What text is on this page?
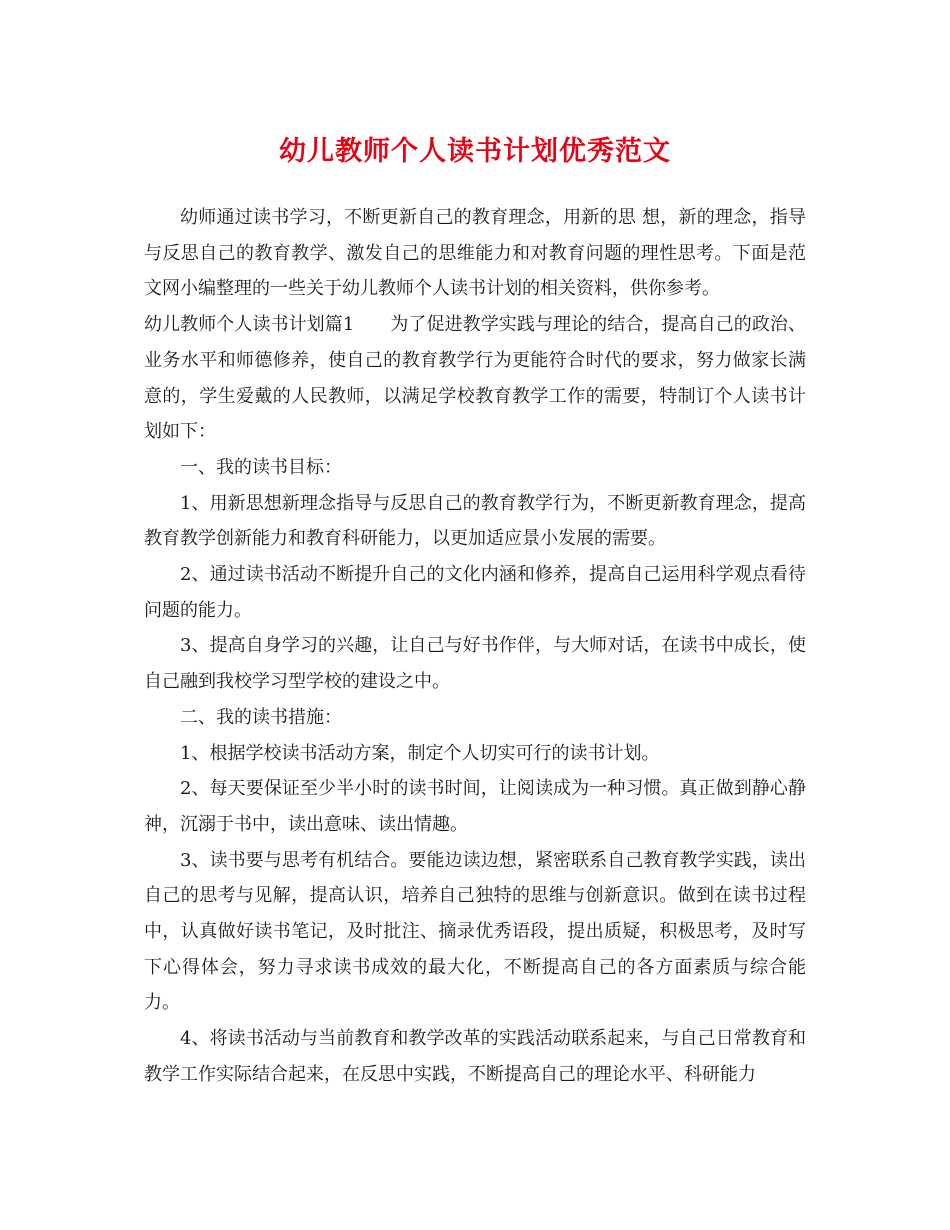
幼儿教师个人读书计划优秀范文

幼师通过读书学习，不断更新自己的教育理念，用新的思 想，新的理念，指导与反思自己的教育教学、激发自己的思维能力和对教育问题的理性思考。下面是范文网小编整理的一些关于幼儿教师个人读书计划的相关资料，供你参考。

幼儿教师个人读书计划篇1 为了促进教学实践与理论的结合，提高自己的政治、业务水平和师德修养，使自己的教育教学行为更能符合时代的要求，努力做家长满意的，学生爱戴的人民教师，以满足学校教育教学工作的需要，特制订个人读书计划如下：

一、我的读书目标：

1、用新思想新理念指导与反思自己的教育教学行为，不断更新教育理念，提高教育教学创新能力和教育科研能力，以更加适应景小发展的需要。

2、通过读书活动不断提升自己的文化内涵和修养，提高自己运用科学观点看待问题的能力。

3、提高自身学习的兴趣，让自己与好书作伴，与大师对话，在读书中成长，使自己融到我校学习型学校的建设之中。

二、我的读书措施：

1、根据学校读书活动方案，制定个人切实可行的读书计划。

2、每天要保证至少半小时的读书时间，让阅读成为一种习惯。真正做到静心静神，沉溺于书中，读出意味、读出情趣。

3、读书要与思考有机结合。要能边读边想，紧密联系自己教育教学实践，读出自己的思考与见解，提高认识，培养自己独特的思维与创新意识。做到在读书过程中，认真做好读书笔记，及时批注、摘录优秀语段，提出质疑，积极思考，及时写下心得体会，努力寻求读书成效的最大化，不断提高自己的各方面素质与综合能力。

4、将读书活动与当前教育和教学改革的实践活动联系起来，与自己日常教育和教学工作实际结合起来，在反思中实践，不断提高自己的理论水平、科研能力
